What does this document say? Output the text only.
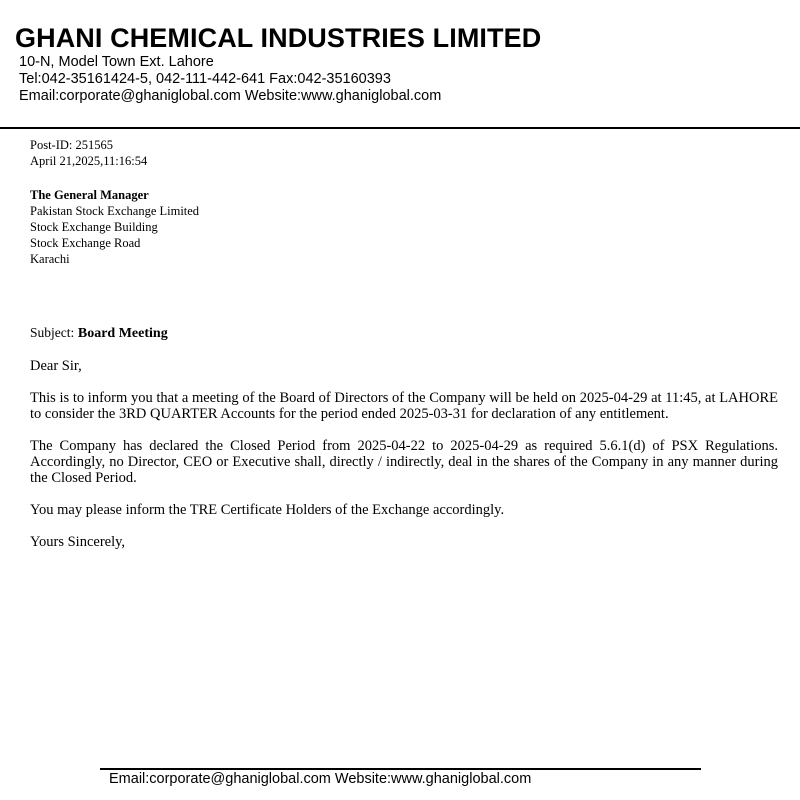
GHANI CHEMICAL INDUSTRIES LIMITED
10-N, Model Town Ext. Lahore
Tel:042-35161424-5, 042-111-442-641 Fax:042-35160393
Email:corporate@ghaniglobal.com Website:www.ghaniglobal.com
Post-ID: 251565
April 21,2025,11:16:54
The General Manager
Pakistan Stock Exchange Limited
Stock Exchange Building
Stock Exchange Road
Karachi
Subject: Board Meeting

Dear Sir,

This is to inform you that a meeting of the Board of Directors of the Company will be held on 2025-04-29 at 11:45, at LAHORE to consider the 3RD QUARTER Accounts for the period ended 2025-03-31 for declaration of any entitlement.

The Company has declared the Closed Period from 2025-04-22 to 2025-04-29 as required 5.6.1(d) of PSX Regulations. Accordingly, no Director, CEO or Executive shall, directly / indirectly, deal in the shares of the Company in any manner during the Closed Period.

You may please inform the TRE Certificate Holders of the Exchange accordingly.

Yours Sincerely,

Email:corporate@ghaniglobal.com Website:www.ghaniglobal.com
